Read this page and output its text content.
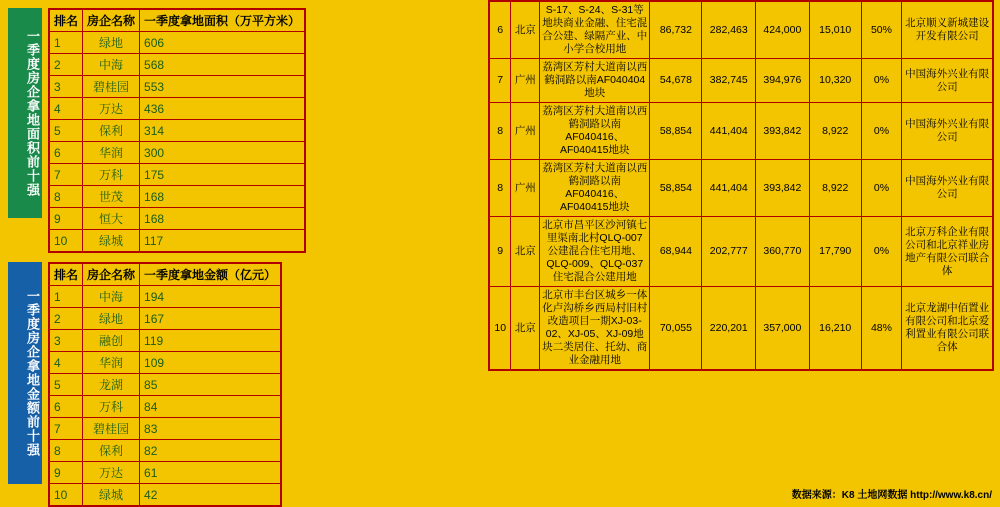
一季度房企拿地面积前十强
排名	房企名称	一季度拿地面积（万平方米）
1	绿地	606
2	中海	568
3	碧桂园	553
4	万达	436
5	保利	314
6	华润	300
7	万科	175
8	世茂	168
9	恒大	168
10	绿城	117
一季度房企拿地金额前十强
排名	房企名称	一季度拿地金额（亿元）
1	中海	194
2	绿地	167
3	融创	119
4	华润	109
5	龙湖	85
6	万科	84
7	碧桂园	83
8	保利	82
9	万达	61
10	绿城	42
6	北京	S-17、S-24、S-31等地块商业金融、住宅混合公建、绿隔产业、中小学合校用地	86,732	282,463	424,000	15,010	50%	北京顺义新城建设开发有限公司
7	广州	荔湾区芳村大道南以西鹤洞路以南AF040404地块	54,678	382,745	394,976	10,320	0%	中国海外兴业有限公司
8	广州	荔湾区芳村大道南以西鹤洞路以南AF040416、AF040415地块	58,854	441,404	393,842	8,922	0%	中国海外兴业有限公司
8	广州	荔湾区芳村大道南以西鹤洞路以南AF040416、AF040415地块	58,854	441,404	393,842	8,922	0%	中国海外兴业有限公司
9	北京	北京市昌平区沙河镇七里渠南北村QLQ-007公建混合住宅用地、QLQ-009、QLQ-037住宅混合公建用地	68,944	202,777	360,770	17,790	0%	北京万科企业有限公司和北京祥业房地产有限公司联合体
10	北京	北京市丰台区城乡一体化卢沟桥乡西局村旧村改造项目一期XJ-03-02、XJ-05、XJ-09地块二类居住、托幼、商业金融用地	70,055	220,201	357,000	16,210	48%	北京龙湖中佰置业有限公司和北京爱利置业有限公司联合体
数据来源：K8 土地网数据 http://www.k8.cn/
